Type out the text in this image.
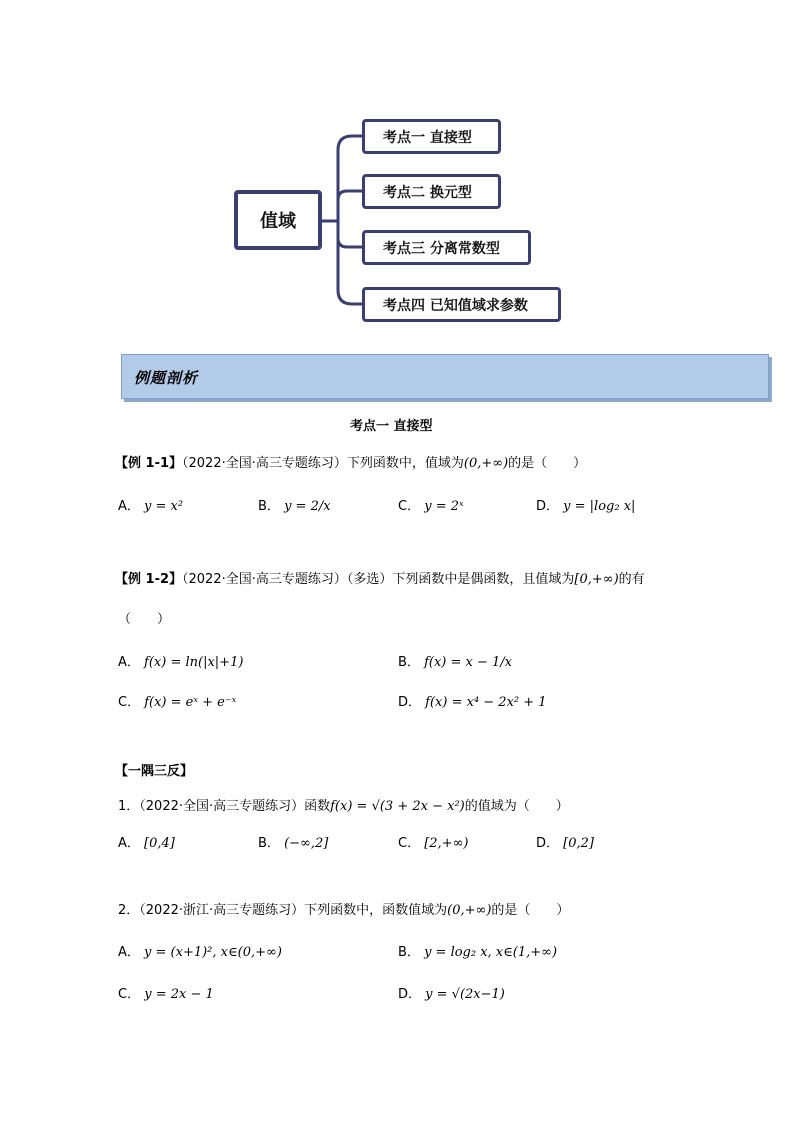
值域
考点一 直接型
考点二 换元型
考点三 分离常数型
考点四 已知值域求参数
例题剖析
考点一 直接型
【例 1-1】（2022·全国·高三专题练习）下列函数中，值域为(0,+∞)的是（　　）
A． y = x²	B． y = 2/x	C． y = 2ˣ	D． y = |log₂ x|
【例 1-2】（2022·全国·高三专题练习）（多选）下列函数中是偶函数，且值域为[0,+∞)的有
（　　）
A． f(x) = ln(|x|+1)	B． f(x) = x − 1/x
C． f(x) = eˣ + e⁻ˣ	D． f(x) = x⁴ − 2x² + 1
【一隅三反】
1．（2022·全国·高三专题练习）函数f(x) = √(3 + 2x − x²)的值域为（　　）
A． [0,4]	B． (−∞,2]	C． [2,+∞)	D． [0,2]
2．（2022·浙江·高三专题练习）下列函数中，函数值域为(0,+∞)的是（　　）
A． y = (x+1)², x∈(0,+∞)	B． y = log₂ x, x∈(1,+∞)
C． y = 2x − 1	D． y = √(2x−1)
